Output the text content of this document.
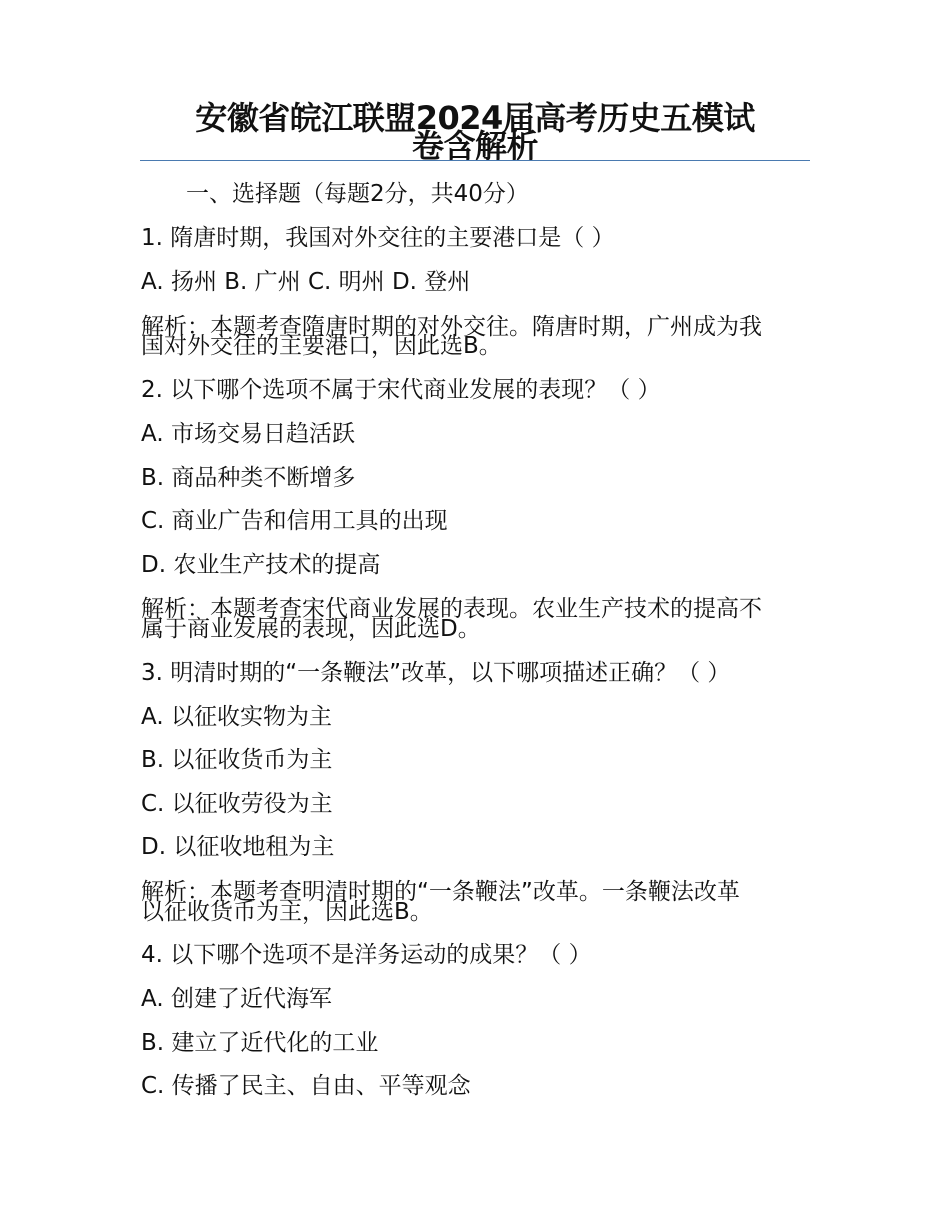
安徽省皖江联盟2024届高考历史五模试
卷含解析
一、选择题（每题2分，共40分）
1. 隋唐时期，我国对外交往的主要港口是（ ）
A. 扬州 B. 广州 C. 明州 D. 登州
解析：本题考查隋唐时期的对外交往。隋唐时期，广州成为我
国对外交往的主要港口，因此选B。
2. 以下哪个选项不属于宋代商业发展的表现？（ ）
A. 市场交易日趋活跃
B. 商品种类不断增多
C. 商业广告和信用工具的出现
D. 农业生产技术的提高
解析：本题考查宋代商业发展的表现。农业生产技术的提高不
属于商业发展的表现，因此选D。
3. 明清时期的“一条鞭法”改革，以下哪项描述正确？（ ）
A. 以征收实物为主
B. 以征收货币为主
C. 以征收劳役为主
D. 以征收地租为主
解析：本题考查明清时期的“一条鞭法”改革。一条鞭法改革
以征收货币为主，因此选B。
4. 以下哪个选项不是洋务运动的成果？（ ）
A. 创建了近代海军
B. 建立了近代化的工业
C. 传播了民主、自由、平等观念
